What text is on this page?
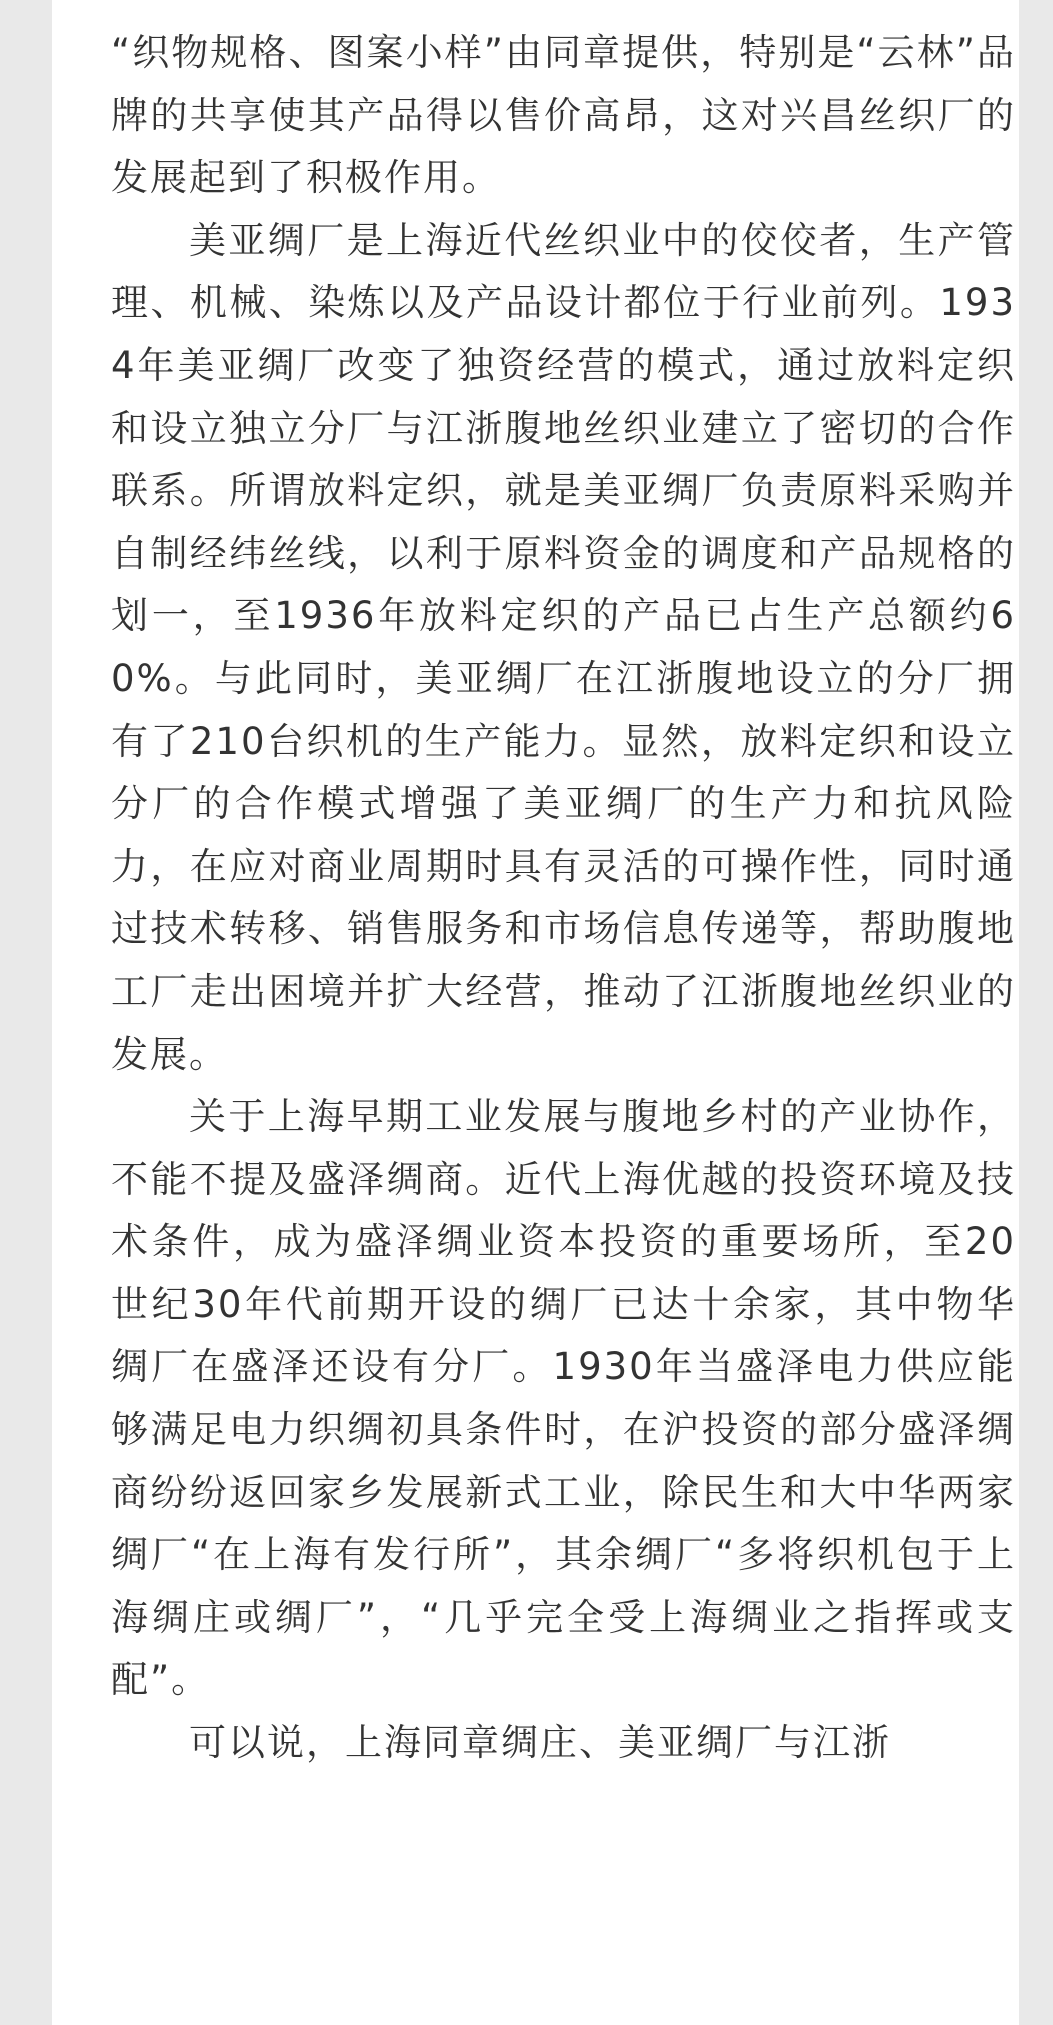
“织物规格、图案小样”由同章提供，特别是“云林”品牌的共享使其产品得以售价高昂，这对兴昌丝织厂的发展起到了积极作用。

美亚绸厂是上海近代丝织业中的佼佼者，生产管理、机械、染炼以及产品设计都位于行业前列。1934年美亚绸厂改变了独资经营的模式，通过放料定织和设立独立分厂与江浙腹地丝织业建立了密切的合作联系。所谓放料定织，就是美亚绸厂负责原料采购并自制经纬丝线，以利于原料资金的调度和产品规格的划一，至1936年放料定织的产品已占生产总额约60%。与此同时，美亚绸厂在江浙腹地设立的分厂拥有了210台织机的生产能力。显然，放料定织和设立分厂的合作模式增强了美亚绸厂的生产力和抗风险力，在应对商业周期时具有灵活的可操作性，同时通过技术转移、销售服务和市场信息传递等，帮助腹地工厂走出困境并扩大经营，推动了江浙腹地丝织业的发展。

关于上海早期工业发展与腹地乡村的产业协作，不能不提及盛泽绸商。近代上海优越的投资环境及技术条件，成为盛泽绸业资本投资的重要场所，至20世纪30年代前期开设的绸厂已达十余家，其中物华绸厂在盛泽还设有分厂。1930年当盛泽电力供应能够满足电力织绸初具条件时，在沪投资的部分盛泽绸商纷纷返回家乡发展新式工业，除民生和大中华两家绸厂“在上海有发行所”，其余绸厂“多将织机包于上海绸庄或绸厂”，“几乎完全受上海绸业之指挥或支配”。

可以说，上海同章绸庄、美亚绸厂与江浙
